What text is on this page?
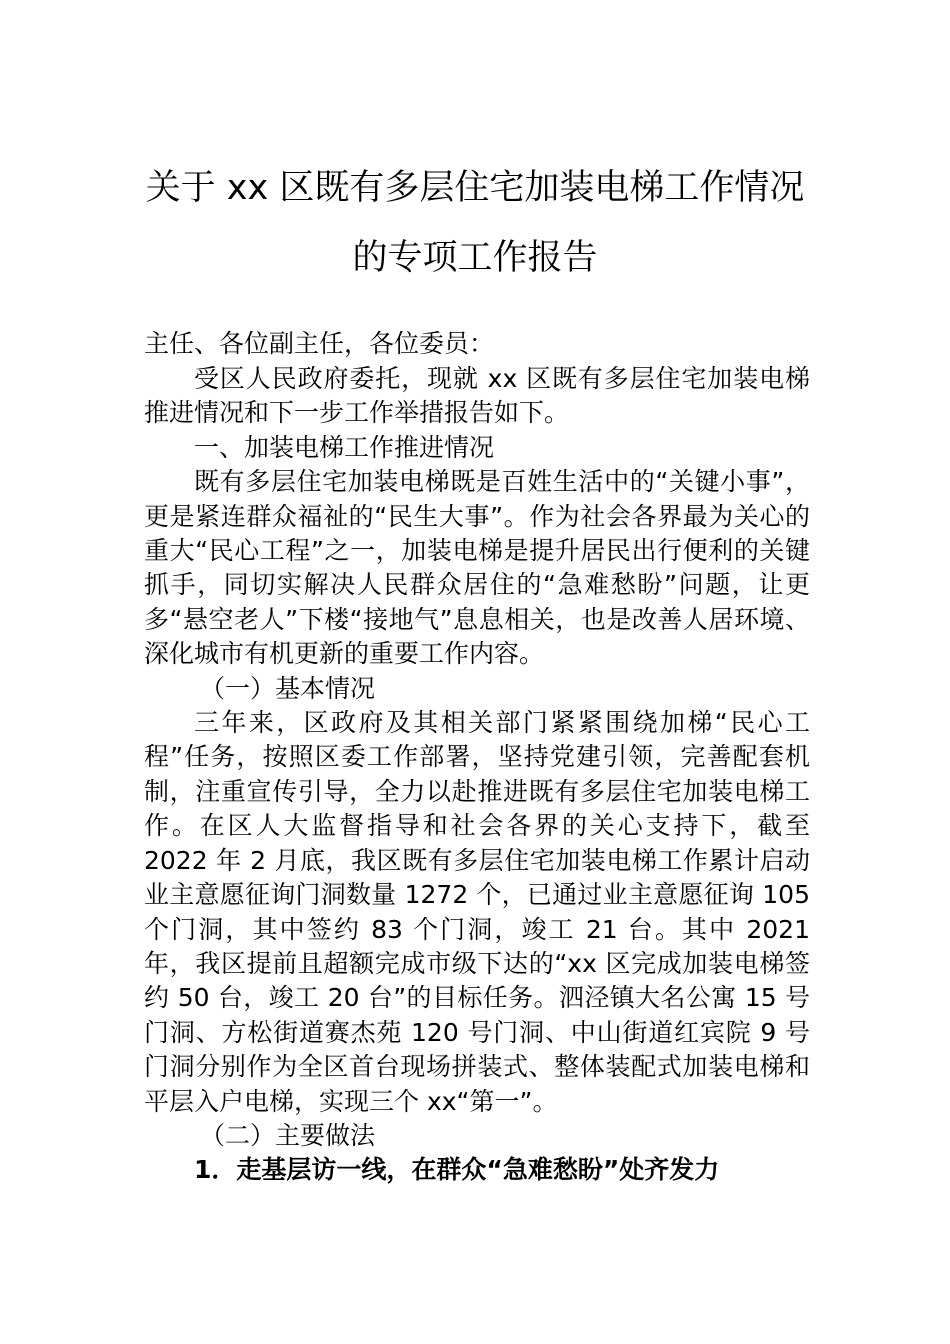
关于 xx 区既有多层住宅加装电梯工作情况
的专项工作报告
主任、各位副主任，各位委员：

受区人民政府委托，现就 xx 区既有多层住宅加装电梯推进情况和下一步工作举措报告如下。

一、加装电梯工作推进情况

既有多层住宅加装电梯既是百姓生活中的“关键小事”，更是紧连群众福祉的“民生大事”。作为社会各界最为关心的重大“民心工程”之一，加装电梯是提升居民出行便利的关键抓手，同切实解决人民群众居住的“急难愁盼”问题，让更多“悬空老人”下楼“接地气”息息相关，也是改善人居环境、深化城市有机更新的重要工作内容。

（一）基本情况

三年来，区政府及其相关部门紧紧围绕加梯“民心工程”任务，按照区委工作部署，坚持党建引领，完善配套机制，注重宣传引导，全力以赴推进既有多层住宅加装电梯工作。在区人大监督指导和社会各界的关心支持下，截至 2022 年 2 月底，我区既有多层住宅加装电梯工作累计启动业主意愿征询门洞数量 1272 个，已通过业主意愿征询 105 个门洞，其中签约 83 个门洞，竣工 21 台。其中 2021 年，我区提前且超额完成市级下达的“xx 区完成加装电梯签约 50 台，竣工 20 台”的目标任务。泗泾镇大名公寓 15 号门洞、方松街道赛杰苑 120 号门洞、中山街道红宾院 9 号门洞分别作为全区首台现场拼装式、整体装配式加装电梯和平层入户电梯，实现三个 xx“第一”。

（二）主要做法

1．走基层访一线，在群众“急难愁盼”处齐发力
